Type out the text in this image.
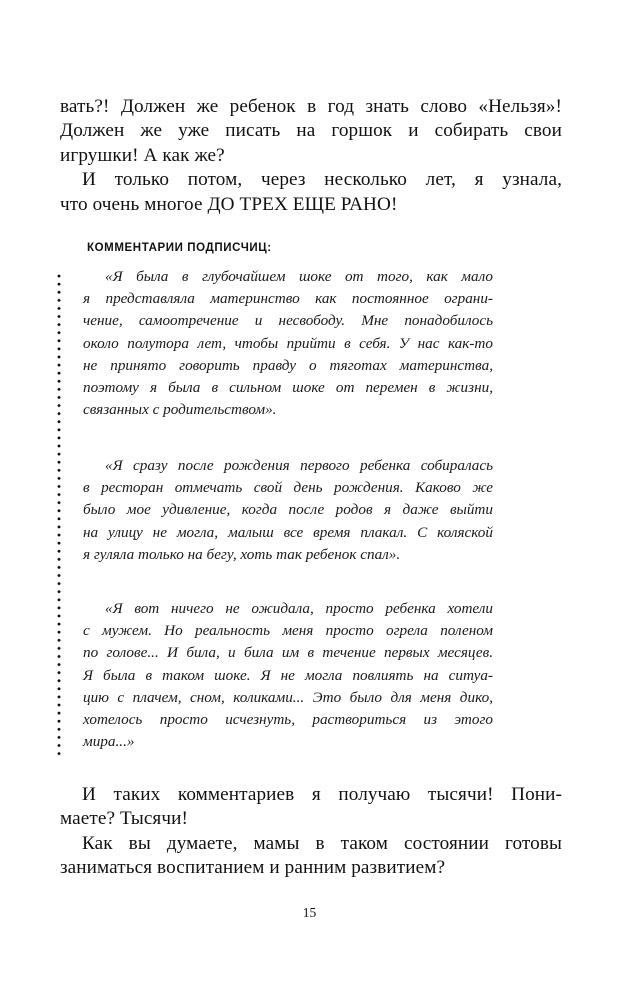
вать?! Должен же ребенок в год знать слово «Нельзя»!
Должен же уже писать на горшок и собирать свои
игрушки! А как же?
И только потом, через несколько лет, я узнала,
что очень многое ДО ТРЕХ ЕЩЕ РАНО!
КОММЕНТАРИИ ПОДПИСЧИЦ:
«Я была в глубочайшем шоке от того, как мало
я представляла материнство как постоянное ограни-
чение, самоотречение и несвободу. Мне понадобилось
около полутора лет, чтобы прийти в себя. У нас как-то
не принято говорить правду о тяготах материнства,
поэтому я была в сильном шоке от перемен в жизни,
связанных с родительством».
«Я сразу после рождения первого ребенка собиралась
в ресторан отмечать свой день рождения. Каково же
было мое удивление, когда после родов я даже выйти
на улицу не могла, малыш все время плакал. С коляской
я гуляла только на бегу, хоть так ребенок спал».
«Я вот ничего не ожидала, просто ребенка хотели
с мужем. Но реальность меня просто огрела поленом
по голове... И била, и била им в течение первых месяцев.
Я была в таком шоке. Я не могла повлиять на ситуа-
цию с плачем, сном, коликами... Это было для меня дико,
хотелось просто исчезнуть, раствориться из этого
мира...»
И таких комментариев я получаю тысячи! Пони-
маете? Тысячи!
Как вы думаете, мамы в таком состоянии готовы
заниматься воспитанием и ранним развитием?
15
